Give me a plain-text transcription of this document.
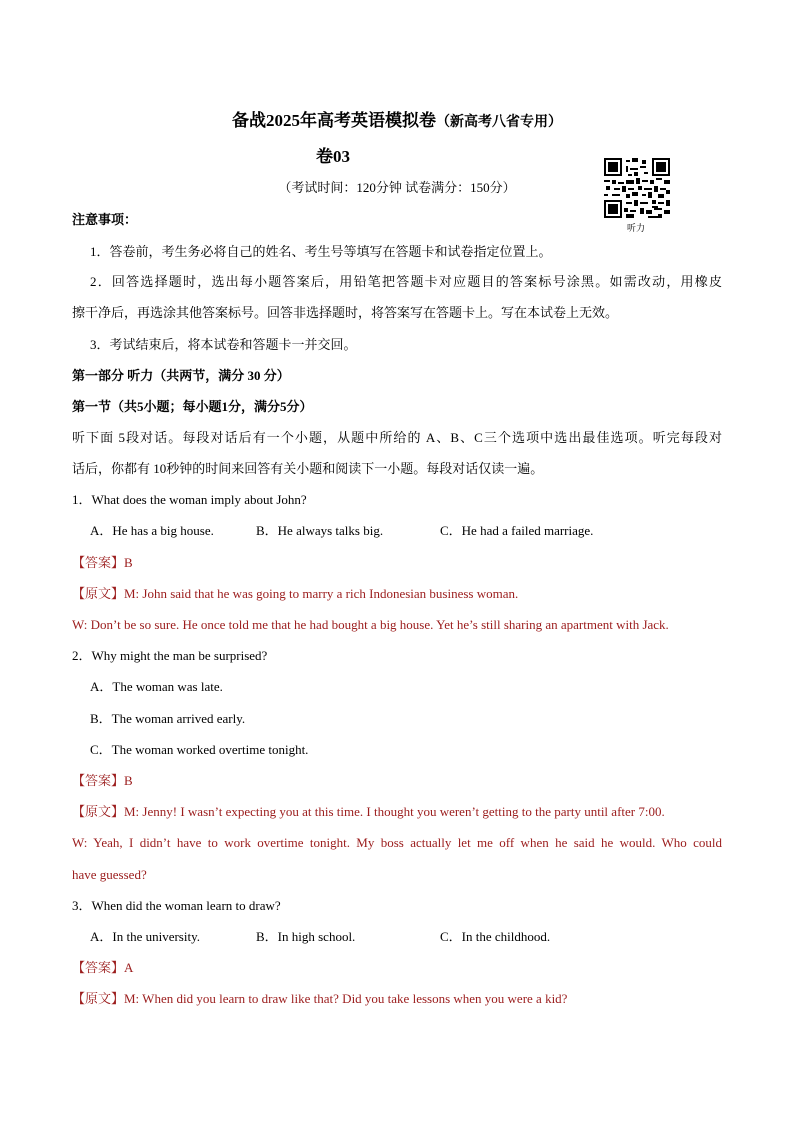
备战2025年高考英语模拟卷（新高考八省专用）
卷03
（考试时间：120分钟 试卷满分：150分）
听力
注意事项：
1．答卷前，考生务必将自己的姓名、考生号等填写在答题卡和试卷指定位置上。
2．回答选择题时，选出每小题答案后，用铅笔把答题卡对应题目的答案标号涂黑。如需改动，用橡皮
擦干净后，再选涂其他答案标号。回答非选择题时，将答案写在答题卡上。写在本试卷上无效。
3．考试结束后，将本试卷和答题卡一并交回。
第一部分 听力（共两节，满分 30 分）
第一节（共5小题；每小题1分，满分5分）
听下面 5段对话。每段对话后有一个小题，从题中所给的 A、B、C三个选项中选出最佳选项。听完每段对
话后，你都有 10秒钟的时间来回答有关小题和阅读下一小题。每段对话仅读一遍。
1．What does the woman imply about John?
A．He has a big house.	B．He always talks big.	C．He had a failed marriage.
【答案】B
【原文】M: John said that he was going to marry a rich Indonesian business woman.
W: Don’t be so sure. He once told me that he had bought a big house. Yet he’s still sharing an apartment with Jack.
2．Why might the man be surprised?
A．The woman was late.
B．The woman arrived early.
C．The woman worked overtime tonight.
【答案】B
【原文】M: Jenny! I wasn’t expecting you at this time. I thought you weren’t getting to the party until after 7:00.
W: Yeah, I didn’t have to work overtime tonight. My boss actually let me off when he said he would. Who could
have guessed?
3．When did the woman learn to draw?
A．In the university.	B．In high school.	C．In the childhood.
【答案】A
【原文】M: When did you learn to draw like that? Did you take lessons when you were a kid?
